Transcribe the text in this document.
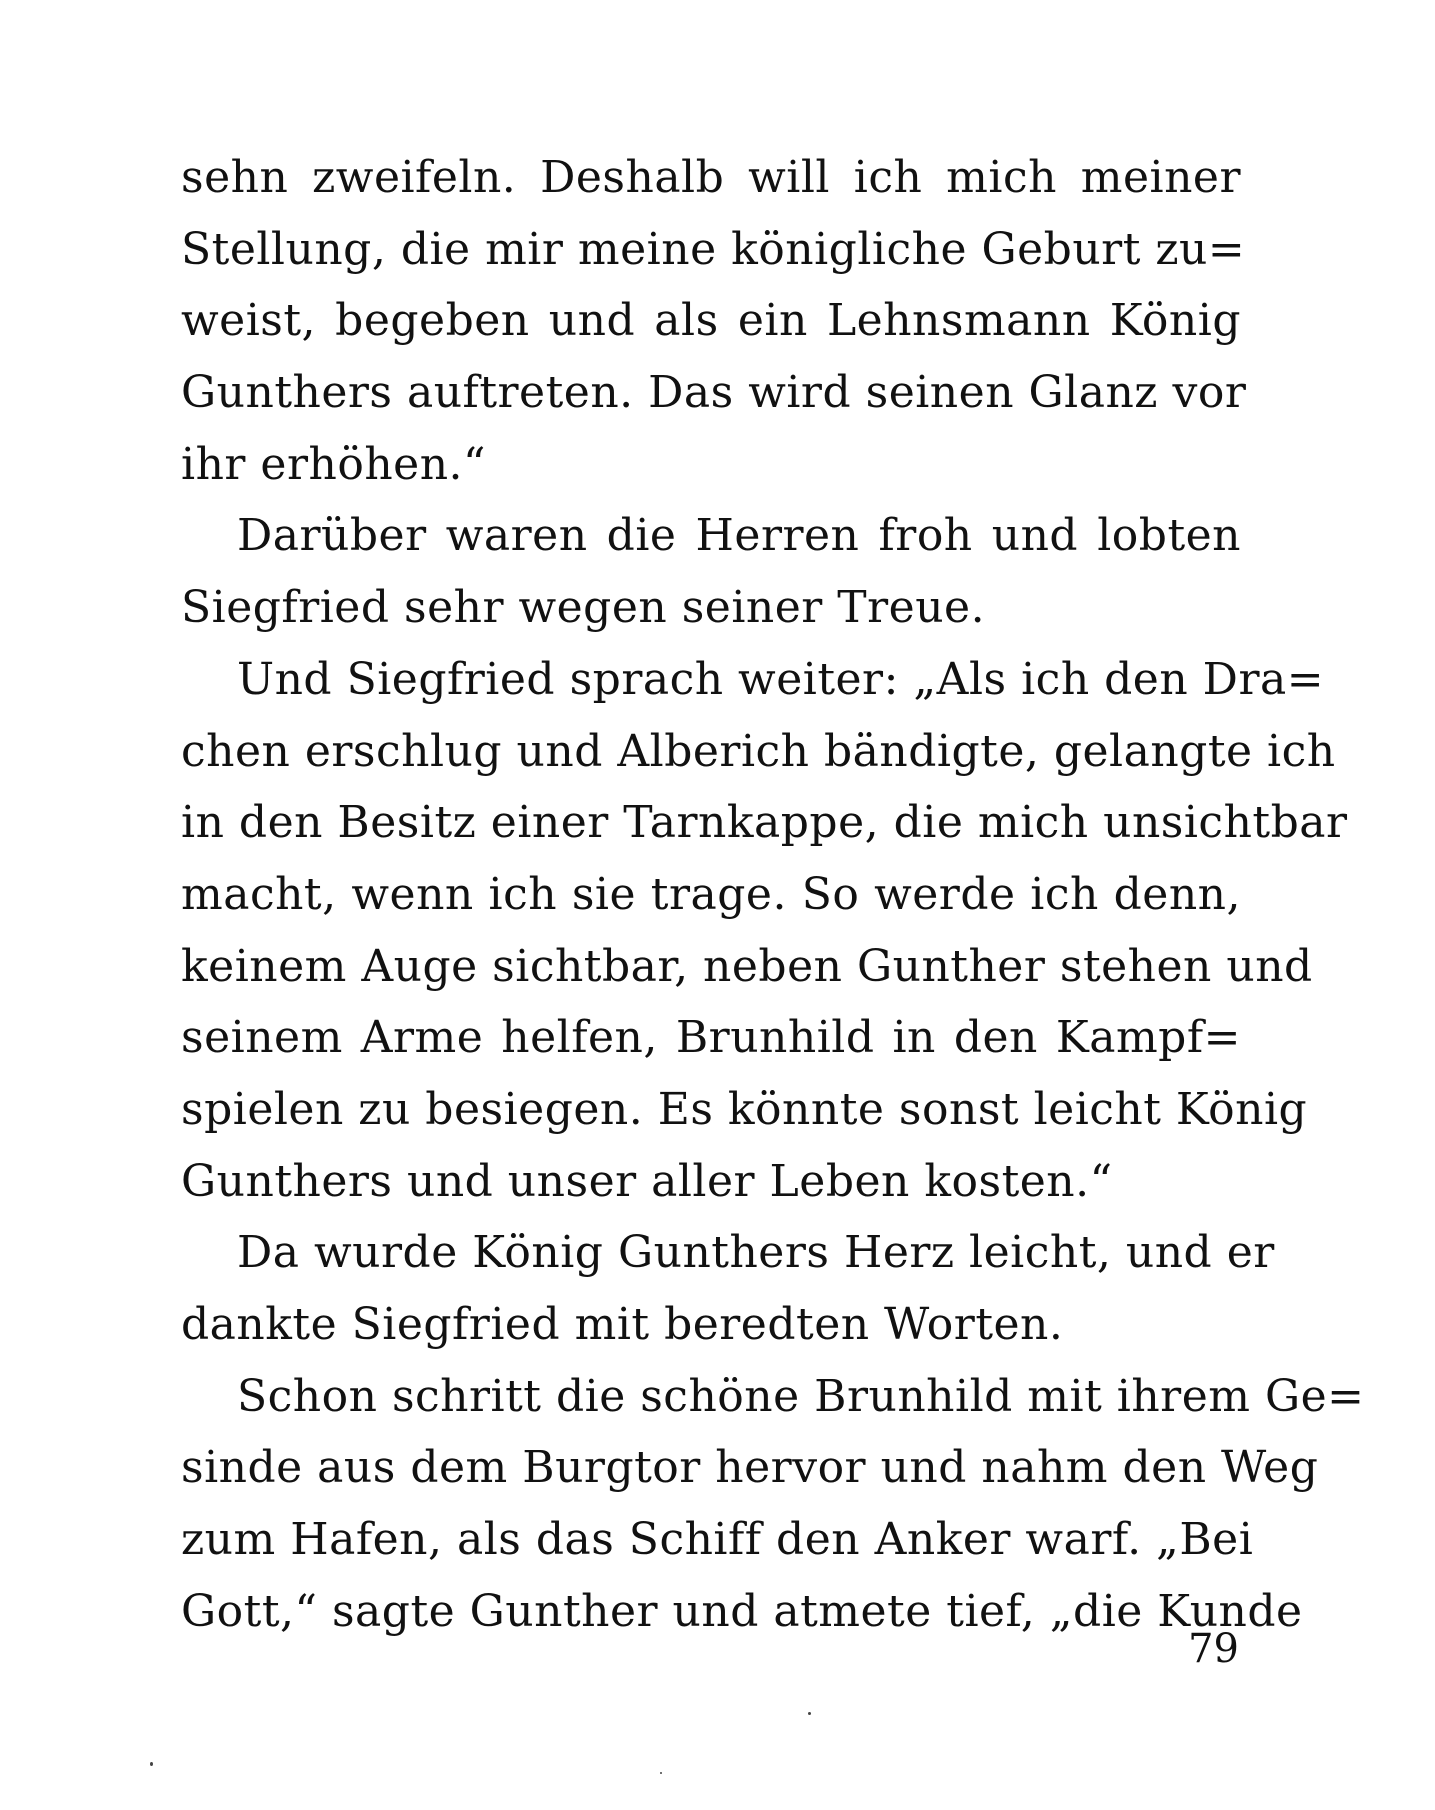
sehn zweifeln. Deshalb will ich mich meiner
Stellung, die mir meine königliche Geburt zu=
weist, begeben und als ein Lehnsmann König
Gunthers auftreten. Das wird seinen Glanz vor
ihr erhöhen.“
Darüber waren die Herren froh und lobten
Siegfried sehr wegen seiner Treue.
Und Siegfried sprach weiter: „Als ich den Dra=
chen erschlug und Alberich bändigte, gelangte ich
in den Besitz einer Tarnkappe, die mich unsichtbar
macht, wenn ich sie trage. So werde ich denn,
keinem Auge sichtbar, neben Gunther stehen und
seinem Arme helfen, Brunhild in den Kampf=
spielen zu besiegen. Es könnte sonst leicht König
Gunthers und unser aller Leben kosten.“
Da wurde König Gunthers Herz leicht, und er
dankte Siegfried mit beredten Worten.
Schon schritt die schöne Brunhild mit ihrem Ge=
sinde aus dem Burgtor hervor und nahm den Weg
zum Hafen, als das Schiff den Anker warf. „Bei
Gott,“ sagte Gunther und atmete tief, „die Kunde
79
